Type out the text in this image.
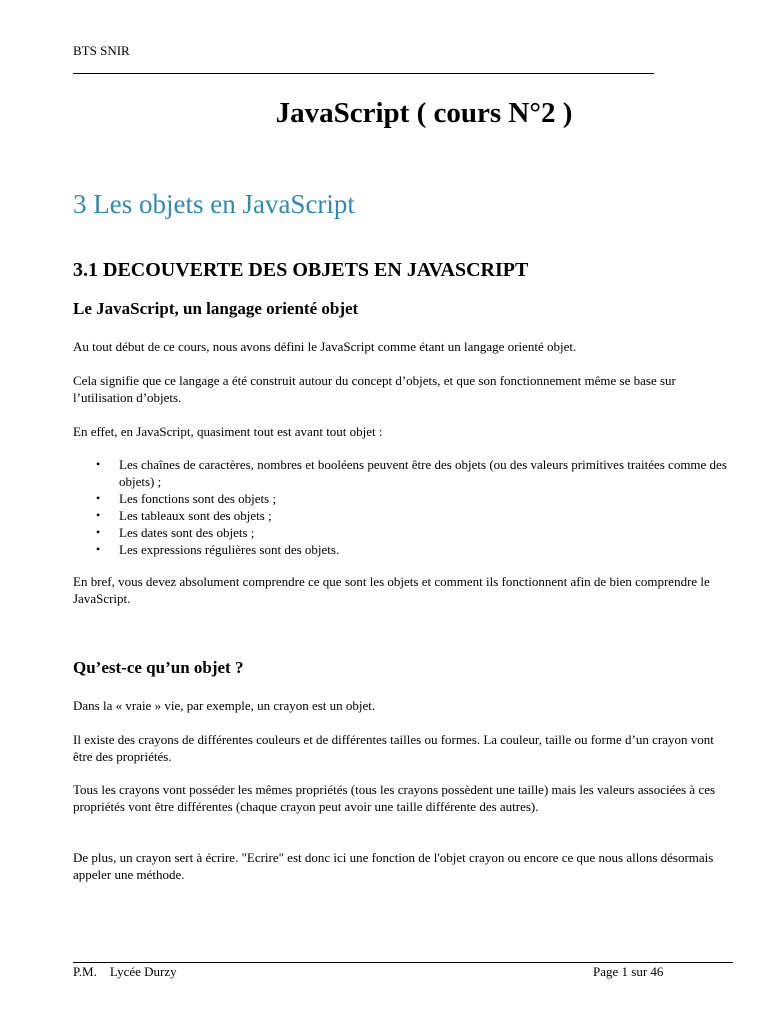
BTS SNIR
JavaScript ( cours N°2 )
3 Les objets en JavaScript
3.1 DECOUVERTE DES OBJETS EN JAVASCRIPT
Le JavaScript, un langage orienté objet

Au tout début de ce cours, nous avons défini le JavaScript comme étant un langage orienté objet.

Cela signifie que ce langage a été construit autour du concept d’objets, et que son fonctionnement même se base sur l’utilisation d’objets.

En effet, en JavaScript, quasiment tout est avant tout objet :

• Les chaînes de caractères, nombres et booléens peuvent être des objets (ou des valeurs primitives traitées comme des objets) ;
• Les fonctions sont des objets ;
• Les tableaux sont des objets ;
• Les dates sont des objets ;
• Les expressions régulières sont des objets.

En bref, vous devez absolument comprendre ce que sont les objets et comment ils fonctionnent afin de bien comprendre le JavaScript.

Qu’est-ce qu’un objet ?

Dans la « vraie » vie, par exemple, un crayon est un objet.

Il existe des crayons de différentes couleurs et de différentes tailles ou formes. La couleur, taille ou forme d’un crayon vont être des propriétés.

Tous les crayons vont posséder les mêmes propriétés (tous les crayons possèdent une taille) mais les valeurs associées à ces propriétés vont être différentes (chaque crayon peut avoir une taille différente des autres).

De plus, un crayon sert à écrire. "Ecrire" est donc ici une fonction de l'objet crayon ou encore ce que nous allons désormais appeler une méthode.

P.M.    Lycée Durzy	Page 1 sur 46
